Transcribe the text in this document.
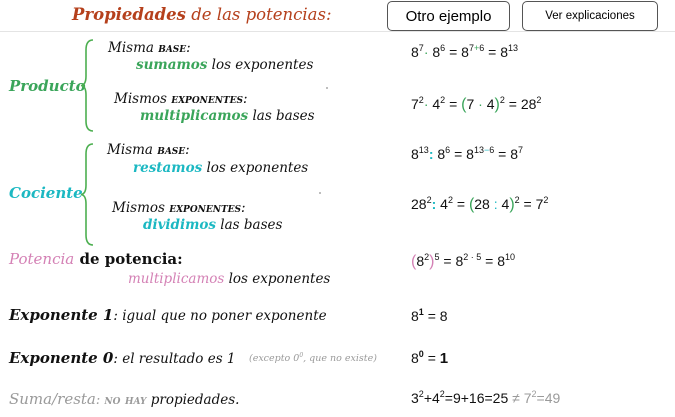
Propiedades de las potencias:	Otro ejemplo	Ver explicaciones
Producto
Misma base:
sumamos los exponentes
Mismos exponentes:
multiplicamos las bases
$8^7\cdot 8^6 = 8^{7+6} = 8^{13}$
$7^2\cdot 4^2 = (7 \cdot 4)^2 = 28^2$
Cociente
Misma base:
restamos los exponentes
Mismos exponentes:
dividimos las bases
$8^{13}$: $8^6 = 8^{13-6} = 8^7$
$28^2$: $4^2 = (28$ : $4)^2 = 7^2$
Potencia de potencia:
multiplicamos los exponentes
$(8^2)^5 = 8^{2 \cdot 5} = 8^{10}$
Exponente 1: igual que no poner exponente	$8^1 = 8$
Exponente 0: el resultado es 1 (excepto $0^0$, que no existe) $8^0 = 1$
Suma/resta: no hay propiedades.	$3^2+4^2=9+16=25 \ne 7^2=49$
